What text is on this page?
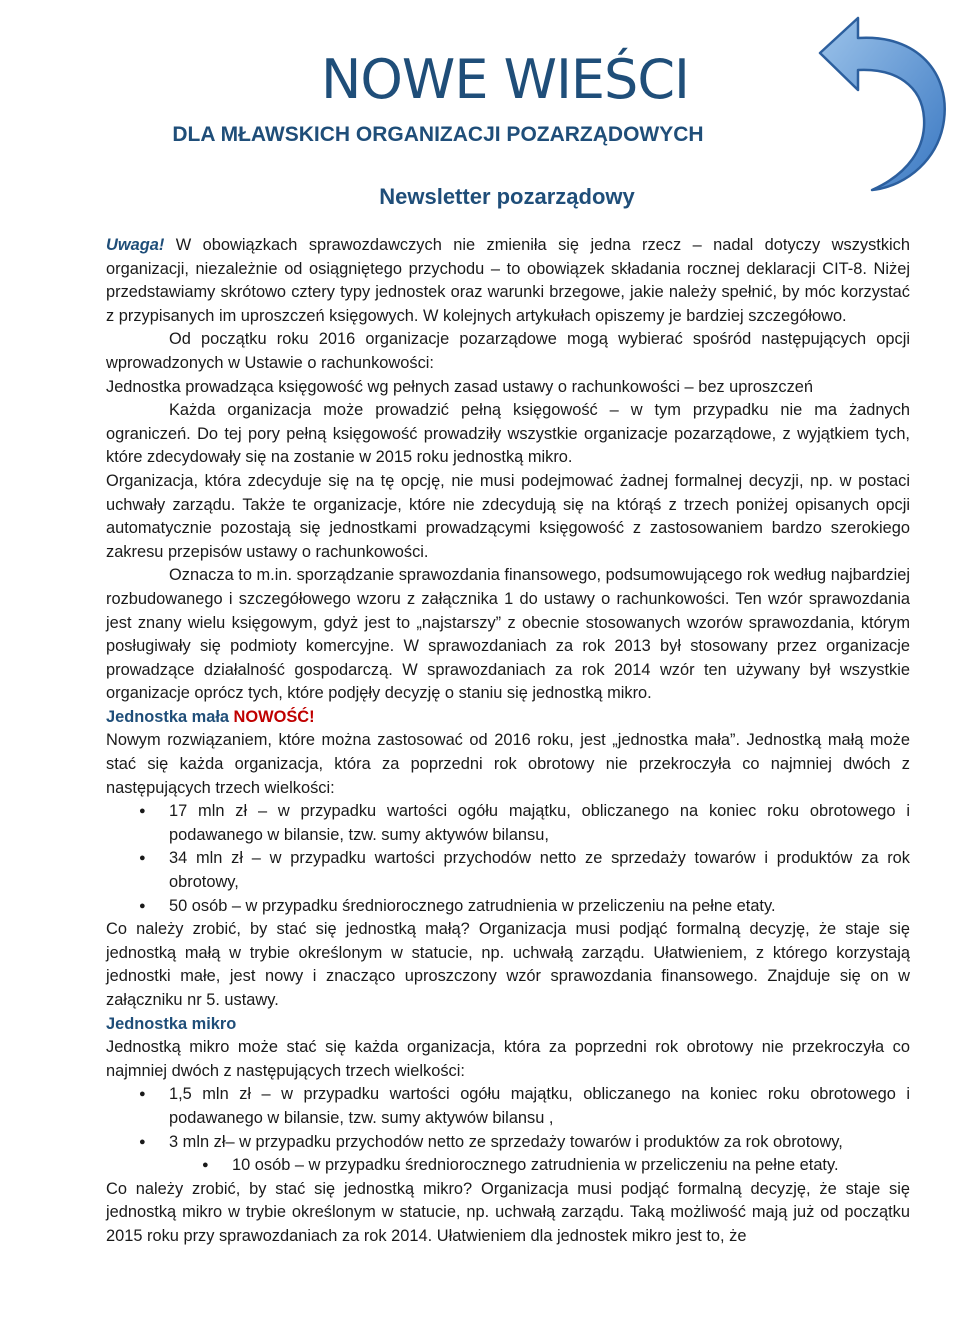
NOWE WIEŚCI
DLA MŁAWSKICH ORGANIZACJI POZARZĄDOWYCH
Newsletter pozarządowy

Uwaga! W obowiązkach sprawozdawczych nie zmieniła się jedna rzecz – nadal dotyczy wszystkich organizacji, niezależnie od osiągniętego przychodu – to obowiązek składania rocznej deklaracji CIT-8. Niżej przedstawiamy skrótowo cztery typy jednostek oraz warunki brzegowe, jakie należy spełnić, by móc korzystać z przypisanych im uproszczeń księgowych. W kolejnych artykułach opiszemy je bardziej szczegółowo.

Od początku roku 2016 organizacje pozarządowe mogą wybierać spośród następujących opcji wprowadzonych w Ustawie o rachunkowości:

Jednostka prowadząca księgowość wg pełnych zasad ustawy o rachunkowości – bez uproszczeń

Każda organizacja może prowadzić pełną księgowość – w tym przypadku nie ma żadnych ograniczeń. Do tej pory pełną księgowość prowadziły wszystkie organizacje pozarządowe, z wyjątkiem tych, które zdecydowały się na zostanie w 2015 roku jednostką mikro.

Organizacja, która zdecyduje się na tę opcję, nie musi podejmować żadnej formalnej decyzji, np. w postaci uchwały zarządu. Także te organizacje, które nie zdecydują się na którąś z trzech poniżej opisanych opcji automatycznie pozostają się jednostkami prowadzącymi księgowość z zastosowaniem bardzo szerokiego zakresu przepisów ustawy o rachunkowości.

Oznacza to m.in. sporządzanie sprawozdania finansowego, podsumowującego rok według najbardziej rozbudowanego i szczegółowego wzoru z załącznika 1 do ustawy o rachunkowości. Ten wzór sprawozdania jest znany wielu księgowym, gdyż jest to „najstarszy” z obecnie stosowanych wzorów sprawozdania, którym posługiwały się podmioty komercyjne. W sprawozdaniach za rok 2013 był stosowany przez organizacje prowadzące działalność gospodarczą. W sprawozdaniach za rok 2014 wzór ten używany był wszystkie organizacje oprócz tych, które podjęły decyzję o staniu się jednostką mikro.

Jednostka mała NOWOŚĆ!

Nowym rozwiązaniem, które można zastosować od 2016 roku, jest „jednostka mała”. Jednostką małą może stać się każda organizacja, która za poprzedni rok obrotowy nie przekroczyła co najmniej dwóch z następujących trzech wielkości:

● 17 mln zł – w przypadku wartości ogółu majątku, obliczanego na koniec roku obrotowego i podawanego w bilansie, tzw. sumy aktywów bilansu,
● 34 mln zł – w przypadku wartości przychodów netto ze sprzedaży towarów i produktów za rok obrotowy,
● 50 osób – w przypadku średniorocznego zatrudnienia w przeliczeniu na pełne etaty.

Co należy zrobić, by stać się jednostką małą? Organizacja musi podjąć formalną decyzję, że staje się jednostką małą w trybie określonym w statucie, np. uchwałą zarządu. Ułatwieniem, z którego korzystają jednostki małe, jest nowy i znacząco uproszczony wzór sprawozdania finansowego. Znajduje się on w załączniku nr 5. ustawy.

Jednostka mikro

Jednostką mikro może stać się każda organizacja, która za poprzedni rok obrotowy nie przekroczyła co najmniej dwóch z następujących trzech wielkości:

● 1,5 mln zł – w przypadku wartości ogółu majątku, obliczanego na koniec roku obrotowego i podawanego w bilansie, tzw. sumy aktywów bilansu ,
● 3 mln zł– w przypadku przychodów netto ze sprzedaży towarów i produktów za rok obrotowy,
● 10 osób – w przypadku średniorocznego zatrudnienia w przeliczeniu na pełne etaty.

Co należy zrobić, by stać się jednostką mikro? Organizacja musi podjąć formalną decyzję, że staje się jednostką mikro w trybie określonym w statucie, np. uchwałą zarządu. Taką możliwość mają już od początku 2015 roku przy sprawozdaniach za rok 2014. Ułatwieniem dla jednostek mikro jest to, że
